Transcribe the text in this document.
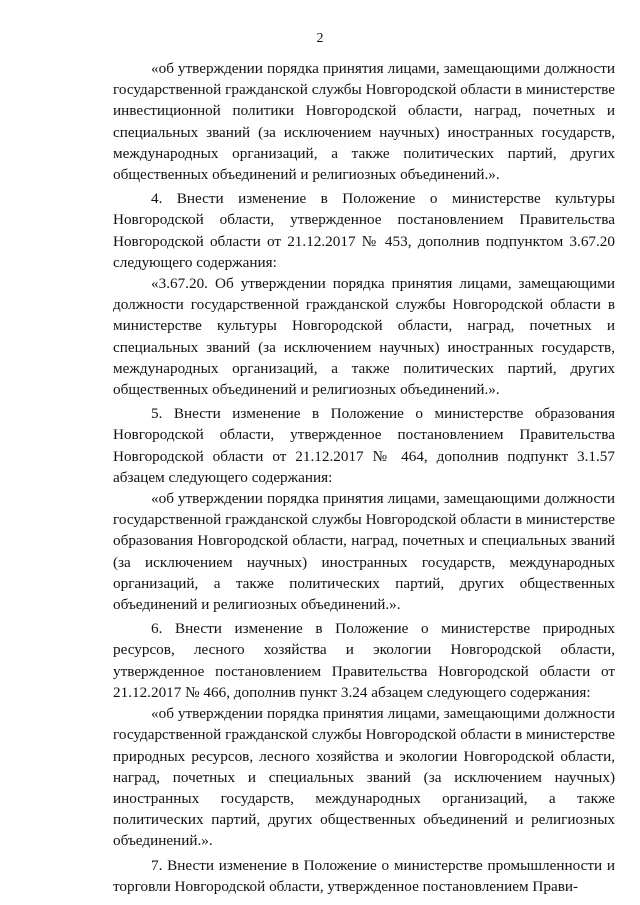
2

«об утверждении порядка принятия лицами, замещающими должности государственной гражданской службы Новгородской области в министерстве инвестиционной политики Новгородской области, наград, почетных и специальных званий (за исключением научных) иностранных государств, международных организаций, а также политических партий, других общественных объединений и религиозных объединений.».

4. Внести изменение в Положение о министерстве культуры Новгородской области, утвержденное постановлением Правительства Новгородской области от 21.12.2017 № 453, дополнив подпунктом 3.67.20 следующего содержания:

«3.67.20. Об утверждении порядка принятия лицами, замещающими должности государственной гражданской службы Новгородской области в министерстве культуры Новгородской области, наград, почетных и специальных званий (за исключением научных) иностранных государств, международных организаций, а также политических партий, других общественных объединений и религиозных объединений.».

5. Внести изменение в Положение о министерстве образования Новгородской области, утвержденное постановлением Правительства Новгородской области от 21.12.2017 № 464, дополнив подпункт 3.1.57 абзацем следующего содержания:

«об утверждении порядка принятия лицами, замещающими должности государственной гражданской службы Новгородской области в министерстве образования Новгородской области, наград, почетных и специальных званий (за исключением научных) иностранных государств, международных организаций, а также политических партий, других общественных объединений и религиозных объединений.».

6. Внести изменение в Положение о министерстве природных ресурсов, лесного хозяйства и экологии Новгородской области, утвержденное постановлением Правительства Новгородской области от 21.12.2017 № 466, дополнив пункт 3.24 абзацем следующего содержания:

«об утверждении порядка принятия лицами, замещающими должности государственной гражданской службы Новгородской области в министерстве природных ресурсов, лесного хозяйства и экологии Новгородской области, наград, почетных и специальных званий (за исключением научных) иностранных государств, международных организаций, а также политических партий, других общественных объединений и религиозных объединений.».

7. Внести изменение в Положение о министерстве промышленности и торговли Новгородской области, утвержденное постановлением Прави-
